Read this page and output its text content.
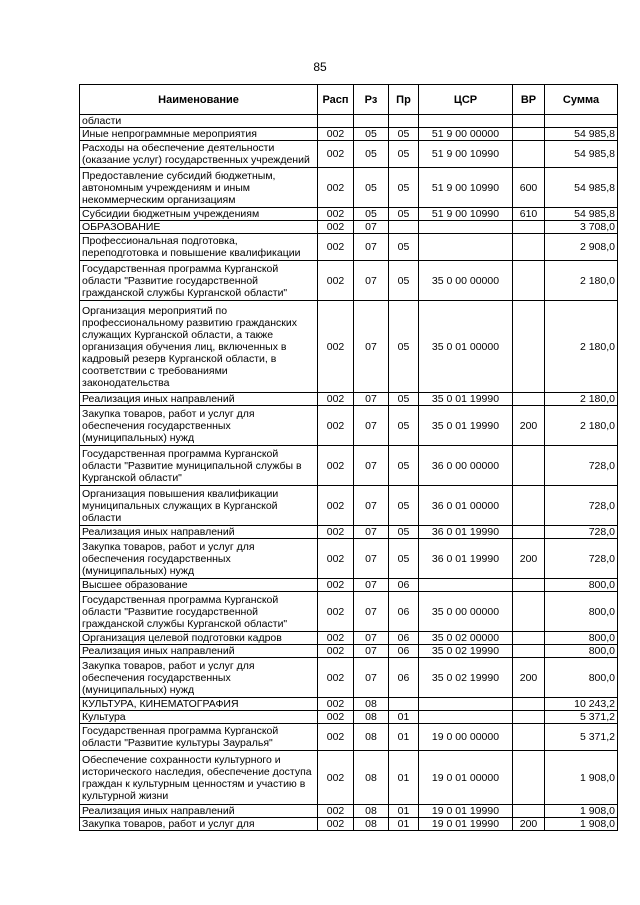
85
Наименование	Расп	Рз	Пр	ЦСР	ВР	Сумма
области						
Иные непрограммные мероприятия	002	05	05	51 9 00 00000		54 985,8
Расходы на обеспечение деятельности (оказание услуг) государственных учреждений	002	05	05	51 9 00 10990		54 985,8
Предоставление субсидий бюджетным, автономным учреждениям и иным некоммерческим организациям	002	05	05	51 9 00 10990	600	54 985,8
Субсидии бюджетным учреждениям	002	05	05	51 9 00 10990	610	54 985,8
ОБРАЗОВАНИЕ	002	07				3 708,0
Профессиональная подготовка, переподготовка и повышение квалификации	002	07	05			2 908,0
Государственная программа Курганской области "Развитие государственной гражданской службы Курганской области"	002	07	05	35 0 00 00000		2 180,0
Организация мероприятий по профессиональному развитию гражданских служащих Курганской области, а также организация обучения лиц, включенных в кадровый резерв Курганской области, в соответствии с требованиями законодательства	002	07	05	35 0 01 00000		2 180,0
Реализация иных направлений	002	07	05	35 0 01 19990		2 180,0
Закупка товаров, работ и услуг для обеспечения государственных (муниципальных) нужд	002	07	05	35 0 01 19990	200	2 180,0
Государственная программа Курганской области "Развитие муниципальной службы в Курганской области"	002	07	05	36 0 00 00000		728,0
Организация повышения квалификации муниципальных служащих в Курганской области	002	07	05	36 0 01 00000		728,0
Реализация иных направлений	002	07	05	36 0 01 19990		728,0
Закупка товаров, работ и услуг для обеспечения государственных (муниципальных) нужд	002	07	05	36 0 01 19990	200	728,0
Высшее образование	002	07	06			800,0
Государственная программа Курганской области "Развитие государственной гражданской службы Курганской области"	002	07	06	35 0 00 00000		800,0
Организация целевой подготовки кадров	002	07	06	35 0 02 00000		800,0
Реализация иных направлений	002	07	06	35 0 02 19990		800,0
Закупка товаров, работ и услуг для обеспечения государственных (муниципальных) нужд	002	07	06	35 0 02 19990	200	800,0
КУЛЬТУРА, КИНЕМАТОГРАФИЯ	002	08				10 243,2
Культура	002	08	01			5 371,2
Государственная программа Курганской области "Развитие культуры Зауралья"	002	08	01	19 0 00 00000		5 371,2
Обеспечение сохранности культурного и исторического наследия, обеспечение доступа граждан к культурным ценностям и участию в культурной жизни	002	08	01	19 0 01 00000		1 908,0
Реализация иных направлений	002	08	01	19 0 01 19990		1 908,0
Закупка товаров, работ и услуг для	002	08	01	19 0 01 19990	200	1 908,0
